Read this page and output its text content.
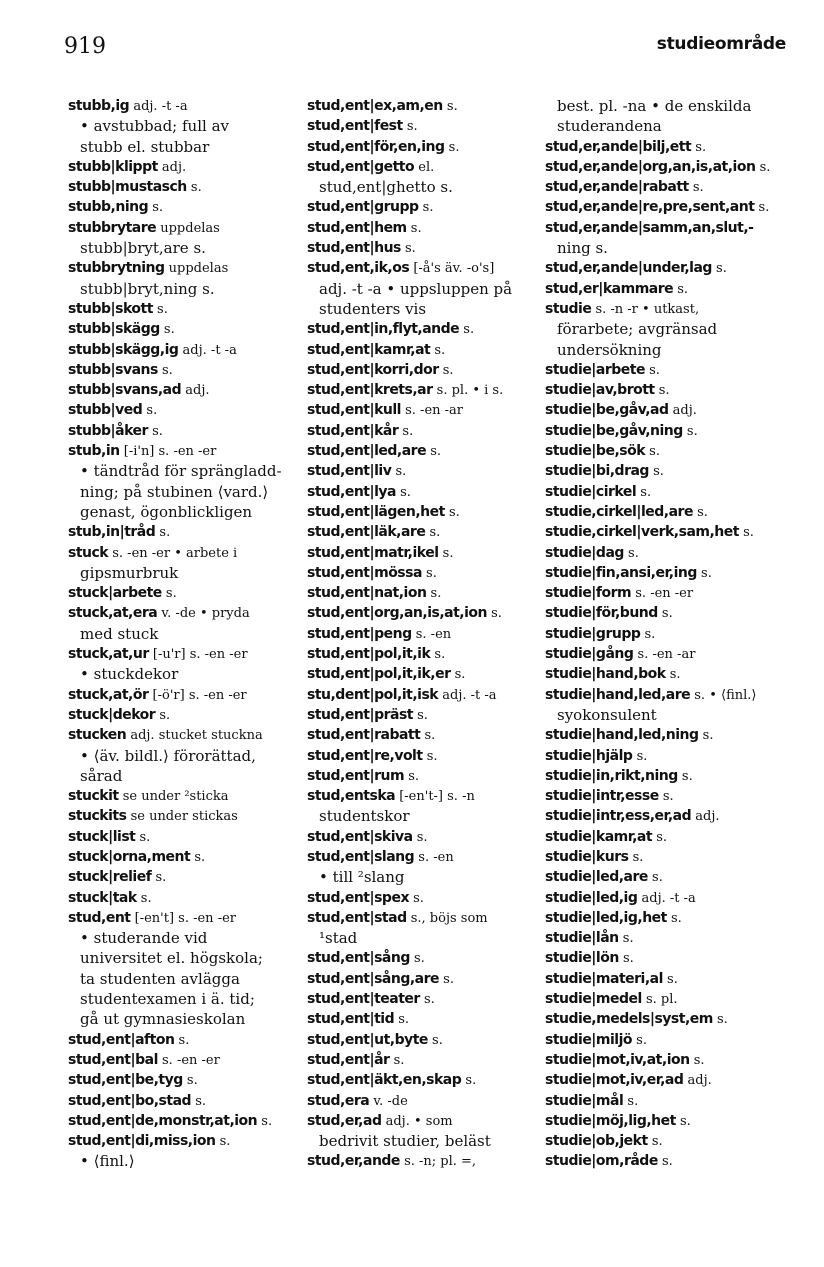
919	studieområde
stubb,ig adj. -t -a
• avstubbad; full av
stubb el. stubbar
stubb|klippt adj.
stubb|mustasch s.
stubb,ning s.
stubbrytare uppdelas
stubb|bryt,are s.
stubbrytning uppdelas
stubb|bryt,ning s.
stubb|skott s.
stubb|skägg s.
stubb|skägg,ig adj. -t -a
stubb|svans s.
stubb|svans,ad adj.
stubb|ved s.
stubb|åker s.
stub,in [-i'n] s. -en -er
• tändtråd för sprängladd-
ning; på stubinen ⟨vard.⟩
genast, ögonblickligen
stub,in|tråd s.
stuck s. -en -er • arbete i
gipsmurbruk
stuck|arbete s.
stuck,at,era v. -de • pryda
med stuck
stuck,at,ur [-u'r] s. -en -er
• stuckdekor
stuck,at,ör [-ö'r] s. -en -er
stuck|dekor s.
stucken adj. stucket stuckna
• ⟨äv. bildl.⟩ förorättad,
sårad
stuckit se under ²sticka
stuckits se under stickas
stuck|list s.
stuck|orna,ment s.
stuck|relief s.
stuck|tak s.
stud,ent [-en't] s. -en -er
• studerande vid
universitet el. högskola;
ta studenten avlägga
studentexamen i ä. tid;
gå ut gymnasieskolan
stud,ent|afton s.
stud,ent|bal s. -en -er
stud,ent|be,tyg s.
stud,ent|bo,stad s.
stud,ent|de,monstr,at,ion s.
stud,ent|di,miss,ion s.
• ⟨finl.⟩
stud,ent|ex,am,en s.
stud,ent|fest s.
stud,ent|för,en,ing s.
stud,ent|getto el.
stud,ent|ghetto s.
stud,ent|grupp s.
stud,ent|hem s.
stud,ent|hus s.
stud,ent,ik,os [-å's äv. -o's]
adj. -t -a • uppsluppen på
studenters vis
stud,ent|in,flyt,ande s.
stud,ent|kamr,at s.
stud,ent|korri,dor s.
stud,ent|krets,ar s. pl. • i s.
stud,ent|kull s. -en -ar
stud,ent|kår s.
stud,ent|led,are s.
stud,ent|liv s.
stud,ent|lya s.
stud,ent|lägen,het s.
stud,ent|läk,are s.
stud,ent|matr,ikel s.
stud,ent|mössa s.
stud,ent|nat,ion s.
stud,ent|org,an,is,at,ion s.
stud,ent|peng s. -en
stud,ent|pol,it,ik s.
stud,ent|pol,it,ik,er s.
stu,dent|pol,it,isk adj. -t -a
stud,ent|präst s.
stud,ent|rabatt s.
stud,ent|re,volt s.
stud,ent|rum s.
stud,entska [-en't-] s. -n
studentskor
stud,ent|skiva s.
stud,ent|slang s. -en
• till ²slang
stud,ent|spex s.
stud,ent|stad s., böjs som
¹stad
stud,ent|sång s.
stud,ent|sång,are s.
stud,ent|teater s.
stud,ent|tid s.
stud,ent|ut,byte s.
stud,ent|år s.
stud,ent|äkt,en,skap s.
stud,era v. -de
stud,er,ad adj. • som
bedrivit studier, beläst
stud,er,ande s. -n; pl. =,
best. pl. -na • de enskilda
studerandena
stud,er,ande|bilj,ett s.
stud,er,ande|org,an,is,at,ion s.
stud,er,ande|rabatt s.
stud,er,ande|re,pre,sent,ant s.
stud,er,ande|samm,an,slut,-
ning s.
stud,er,ande|under,lag s.
stud,er|kammare s.
studie s. -n -r • utkast,
förarbete; avgränsad
undersökning
studie|arbete s.
studie|av,brott s.
studie|be,gåv,ad adj.
studie|be,gåv,ning s.
studie|be,sök s.
studie|bi,drag s.
studie|cirkel s.
studie,cirkel|led,are s.
studie,cirkel|verk,sam,het s.
studie|dag s.
studie|fin,ansi,er,ing s.
studie|form s. -en -er
studie|för,bund s.
studie|grupp s.
studie|gång s. -en -ar
studie|hand,bok s.
studie|hand,led,are s. • ⟨finl.⟩
syokonsulent
studie|hand,led,ning s.
studie|hjälp s.
studie|in,rikt,ning s.
studie|intr,esse s.
studie|intr,ess,er,ad adj.
studie|kamr,at s.
studie|kurs s.
studie|led,are s.
studie|led,ig adj. -t -a
studie|led,ig,het s.
studie|lån s.
studie|lön s.
studie|materi,al s.
studie|medel s. pl.
studie,medels|syst,em s.
studie|miljö s.
studie|mot,iv,at,ion s.
studie|mot,iv,er,ad adj.
studie|mål s.
studie|möj,lig,het s.
studie|ob,jekt s.
studie|om,råde s.
